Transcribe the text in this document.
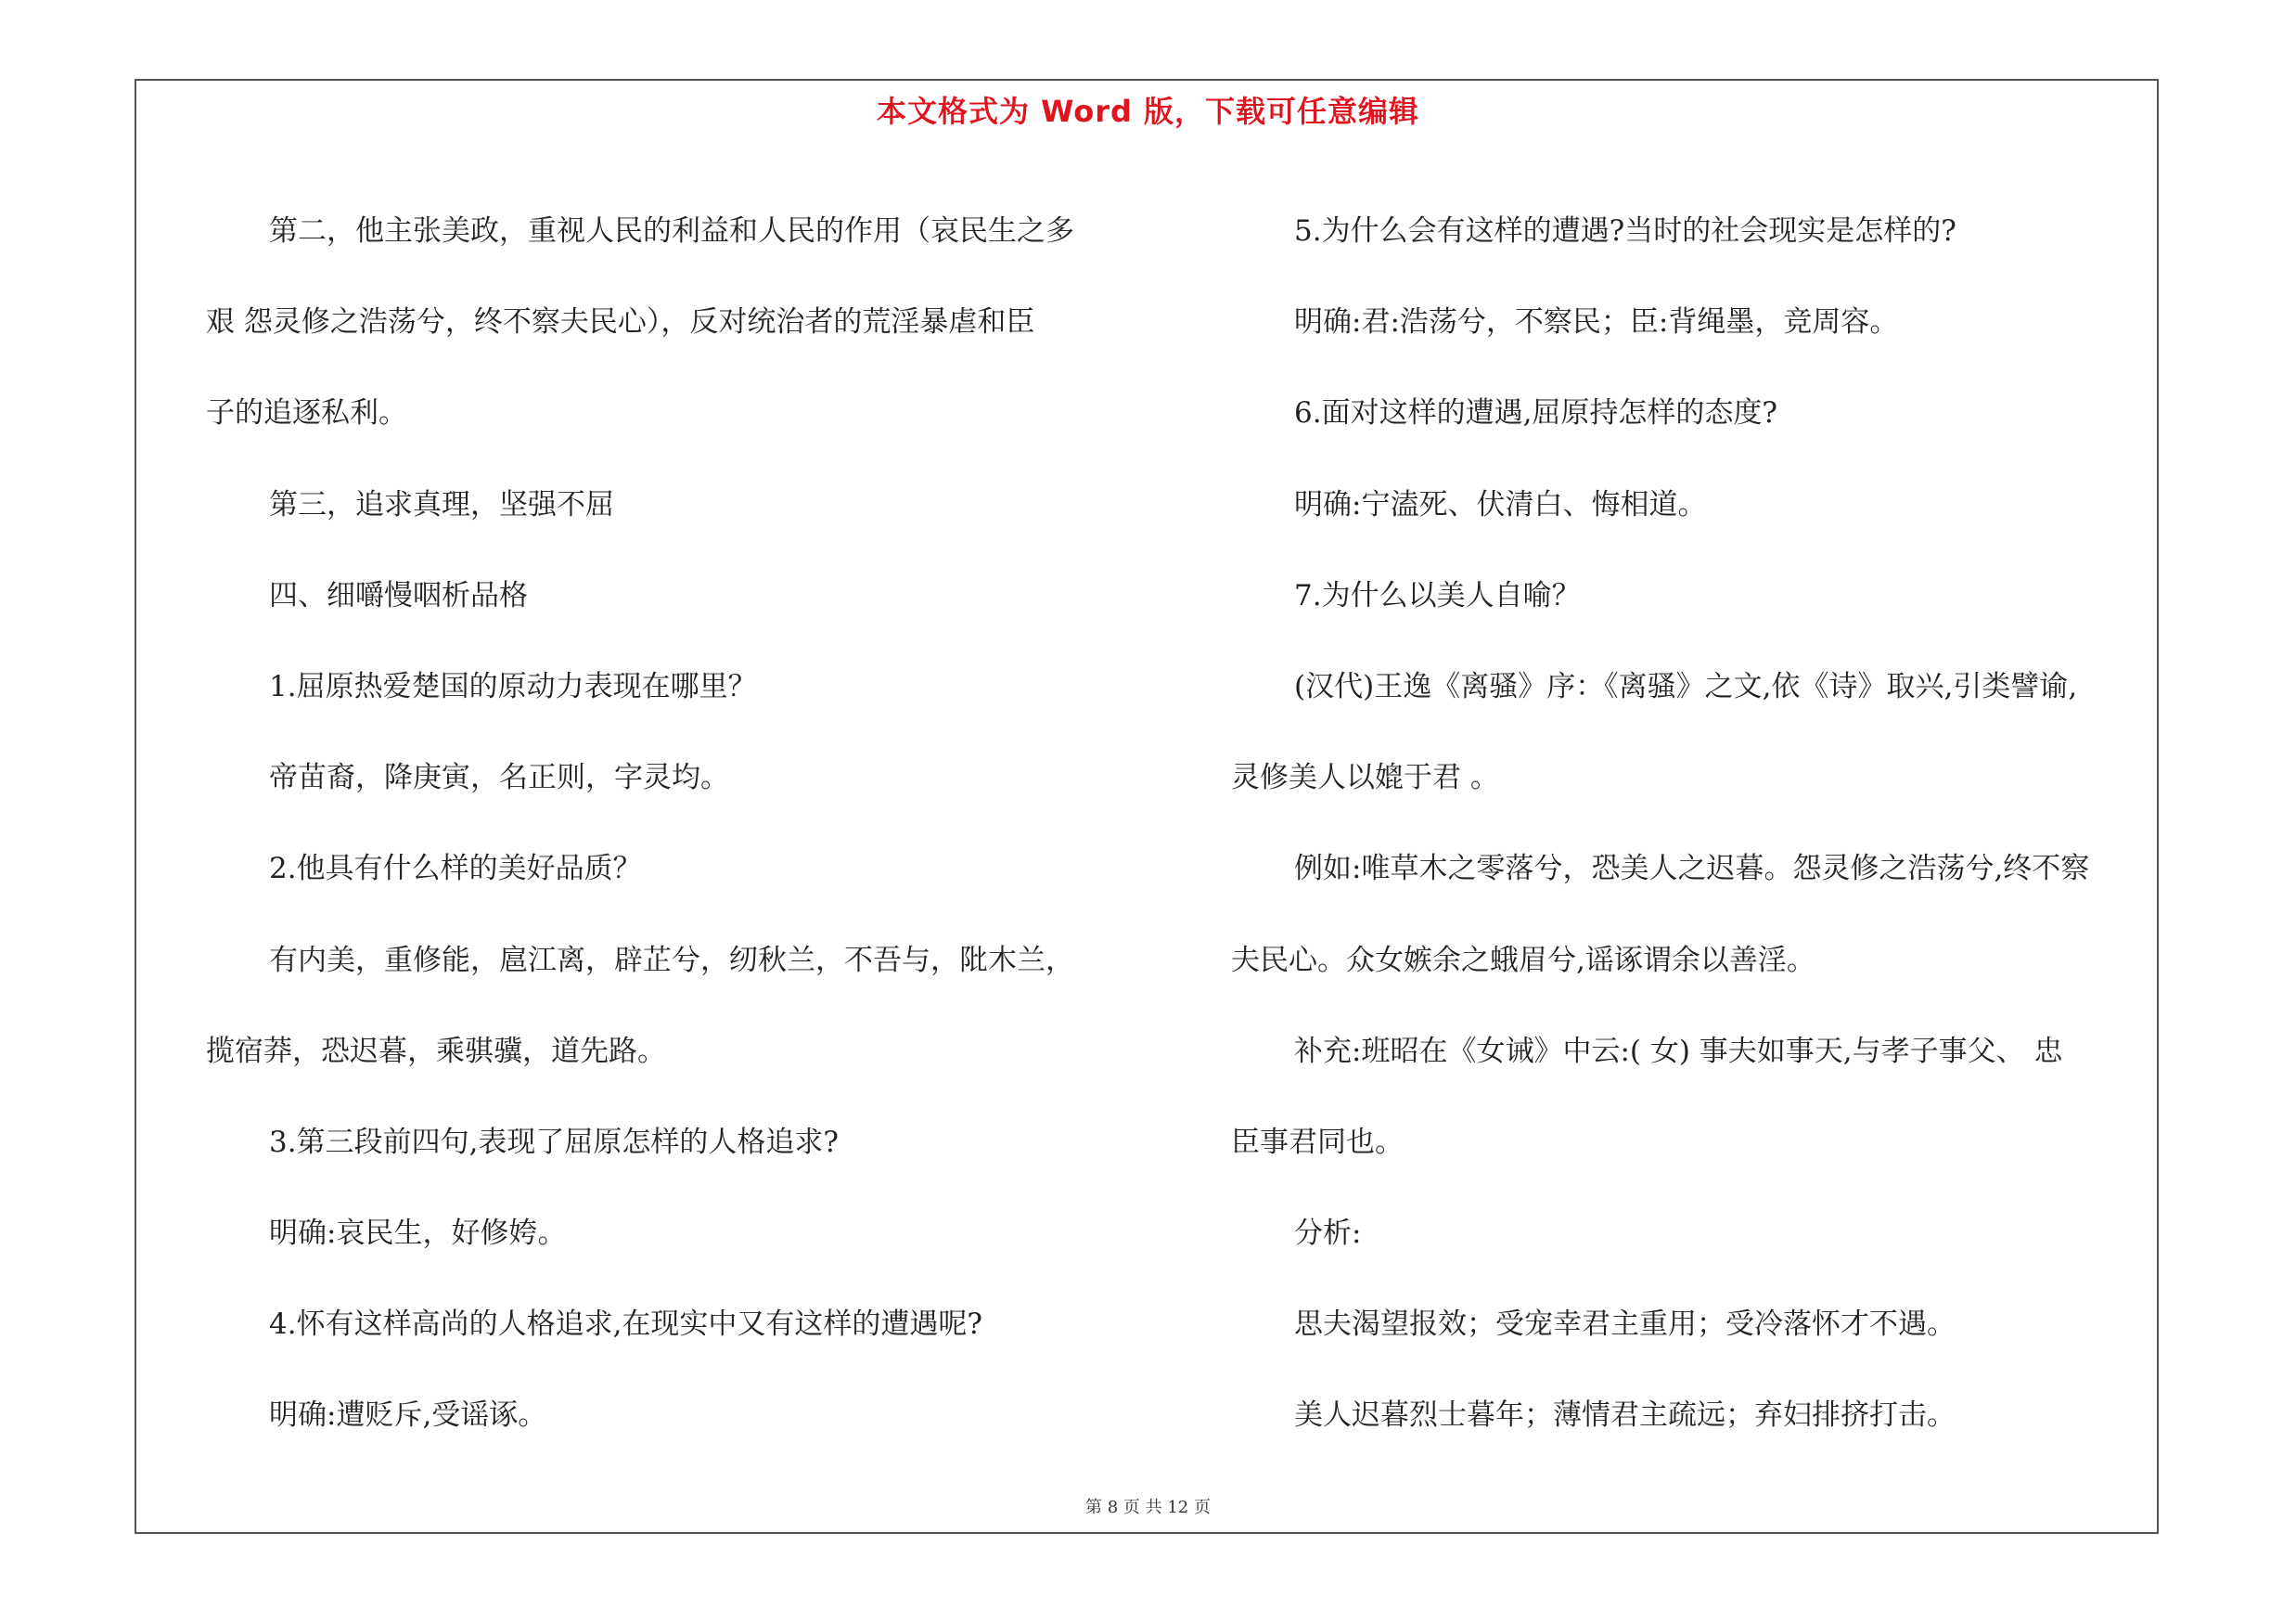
本文格式为 Word 版，下载可任意编辑

第二，他主张美政，重视人民的利益和人民的作用（哀民生之多

艰 怨灵修之浩荡兮，终不察夫民心），反对统治者的荒淫暴虐和臣

子的追逐私利。

第三，追求真理，坚强不屈

四、细嚼慢咽析品格

1.屈原热爱楚国的原动力表现在哪里？

帝苗裔，降庚寅，名正则，字灵均。

2.他具有什么样的美好品质？

有内美，重修能，扈江离，辟芷兮，纫秋兰，不吾与，阰木兰，

揽宿莽，恐迟暮，乘骐骥，道先路。

3.第三段前四句,表现了屈原怎样的人格追求?

明确:哀民生，好修姱。

4.怀有这样高尚的人格追求,在现实中又有这样的遭遇呢?

明确:遭贬斥,受谣诼。

5.为什么会有这样的遭遇?当时的社会现实是怎样的?

明确:君:浩荡兮，不察民；臣:背绳墨，竞周容。

6.面对这样的遭遇,屈原持怎样的态度?

明确:宁溘死、伏清白、悔相道。

7.为什么以美人自喻？

(汉代)王逸《离骚》序：《离骚》之文,依《诗》取兴,引类譬谕,

灵修美人以媲于君 。

例如:唯草木之零落兮，恐美人之迟暮。怨灵修之浩荡兮,终不察

夫民心。众女嫉余之蛾眉兮,谣诼谓余以善淫。

补充:班昭在《女诫》中云:( 女) 事夫如事天,与孝子事父、 忠

臣事君同也。

分析:

思夫渴望报效；受宠幸君主重用；受冷落怀才不遇。

美人迟暮烈士暮年；薄情君主疏远；弃妇排挤打击。

第 8 页 共 12 页
